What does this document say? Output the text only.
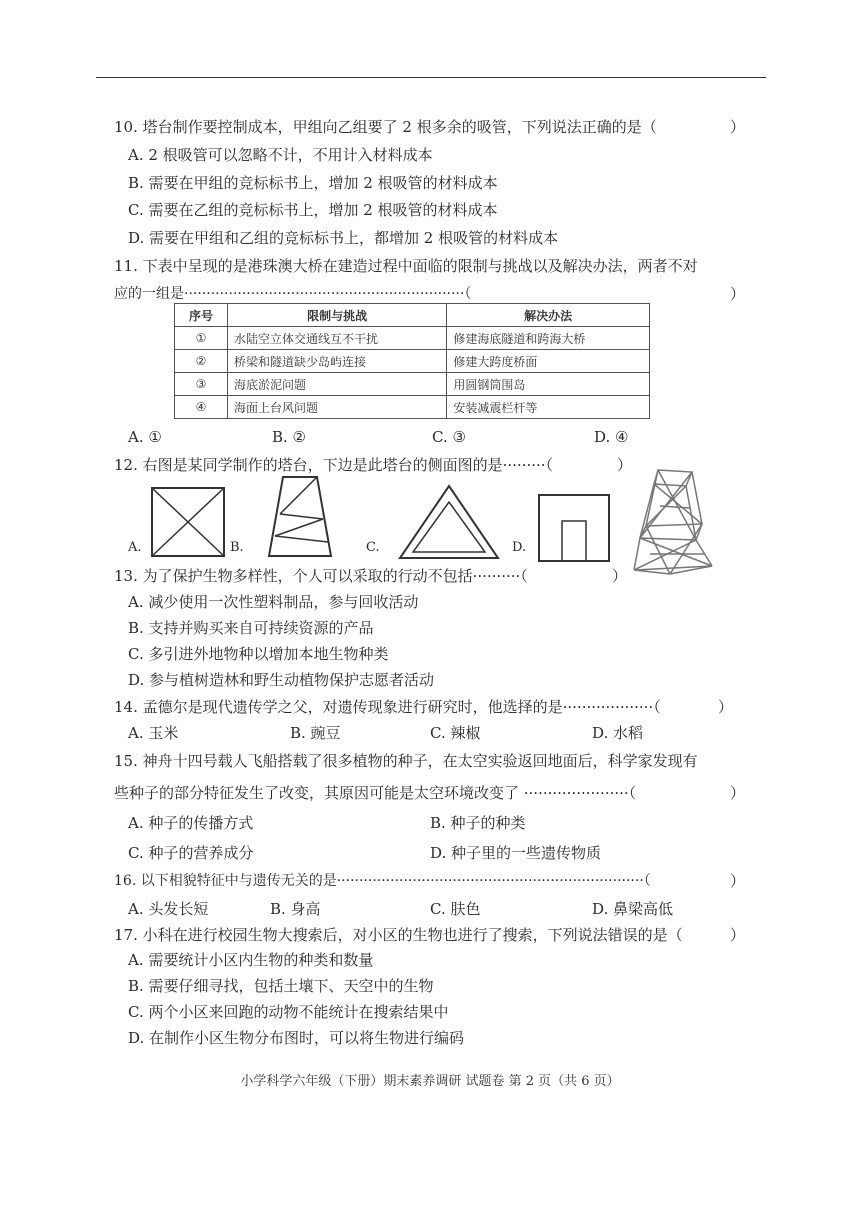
10. 塔台制作要控制成本，甲组向乙组要了 2 根多余的吸管，下列说法正确的是（	）
A. 2 根吸管可以忽略不计，不用计入材料成本
B. 需要在甲组的竞标标书上，增加 2 根吸管的材料成本
C. 需要在乙组的竞标标书上，增加 2 根吸管的材料成本
D. 需要在甲组和乙组的竞标标书上，都增加 2 根吸管的材料成本
11. 下表中呈现的是港珠澳大桥在建造过程中面临的限制与挑战以及解决办法，两者不对
应的一组是·······························································（	）
序号	限制与挑战	解决办法
①	水陆空立体交通线互不干扰	修建海底隧道和跨海大桥
②	桥梁和隧道缺少岛屿连接	修建大跨度桥面
③	海底淤泥问题	用圆钢筒围岛
④	海面上台风问题	安装减震栏杆等
A. ①	B. ②	C. ③	D. ④
12. 右图是某同学制作的塔台，下边是此塔台的侧面图的是·········（	）
A.	B.	C.	D.
13. 为了保护生物多样性，个人可以采取的行动不包括··········（	）
A. 减少使用一次性塑料制品，参与回收活动
B. 支持并购买来自可持续资源的产品
C. 多引进外地物种以增加本地生物种类
D. 参与植树造林和野生动植物保护志愿者活动
14. 孟德尔是现代遗传学之父，对遗传现象进行研究时，他选择的是···················（	）
A. 玉米	B. 豌豆	C. 辣椒	D. 水稻
15. 神舟十四号载人飞船搭载了很多植物的种子，在太空实验返回地面后，科学家发现有
些种子的部分特征发生了改变，其原因可能是太空环境改变了 ······················（	）
A. 种子的传播方式	B. 种子的种类
C. 种子的营养成分	D. 种子里的一些遗传物质
16. 以下相貌特征中与遗传无关的是·····································································（	）
A. 头发长短	B. 身高	C. 肤色	D. 鼻梁高低
17. 小科在进行校园生物大搜索后，对小区的生物也进行了搜索，下列说法错误的是（	）
A. 需要统计小区内生物的种类和数量
B. 需要仔细寻找，包括土壤下、天空中的生物
C. 两个小区来回跑的动物不能统计在搜索结果中
D. 在制作小区生物分布图时，可以将生物进行编码
小学科学六年级（下册）期末素养调研 试题卷 第 2 页（共 6 页）
